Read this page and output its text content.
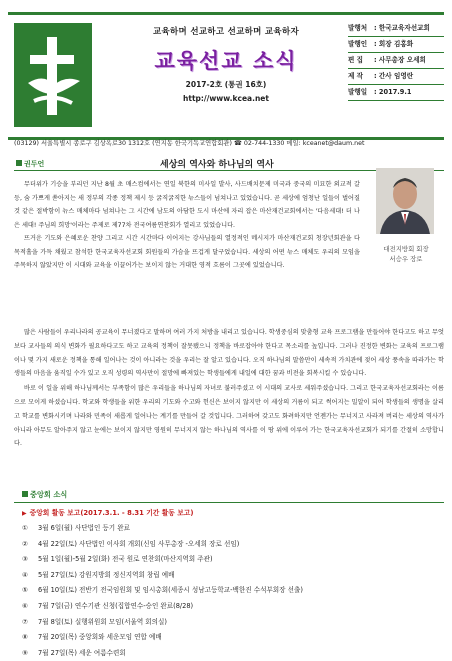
교육하며 선교하고 선교하며 교육하자
교육선교 소식
2017-2호 (통권 16호)
http://www.kcea.net
발행처 : 한국교육자선교회
발행인 : 회장 김홍화
편 집 : 사무총장 오세희
제 작 : 간사 임영란
발행일 : 2017.9.1
(03129) 서울특별시 종로구 김상옥로30 1312호 (연지동 한국기독교연합회관) ☎ 02-744-1330 메일: kceanet@daum.net
권두언	세상의 역사와 하나님의 역사

무더위가 기승을 부리던 지난 8월 초 매스컴에서는 연일 북한의 미사일 발사, 사드배치문제 미국과 중국의 미묘한 외교적 갈등, 숨 가쁘게 쏟아지는 새 정부의 각종 정책 제시 등 굵직굵직한 뉴스들이 넘쳐나고 있었습니다. 곧 세상에 엄청난 일들이 벌어질 것 같은 절박함이 뉴스 매체마다 넘쳐나는 그 시간에 남도의 아담한 도시 마산에 자리 잡은 마산재건교회에서는 '다음세대! 더 나은 세대! 주님의 희망'이라는 주제로 제77차 전국여름연찬회가 열리고 있었습니다.

뜨거운 기도와 은혜로운 찬양 그리고 시간 시간마다 이어지는 강사님들의 열정적인 메시지가 마산재건교회 청장년회관을 다목적홀을 가득 채웠고 참석한 한국교육자선교회 회원들의 가슴을 뜨겁게 달구었습니다. 세상의 어떤 뉴스 매체도 우리의 모임을 주목하지 않았지만 이 시대와 교육을 이끌어가는 보이지 않는 거대한 영적 흐름이 그곳에 있었습니다.

대전지방회 회장
서승우 장로

많은 사람들이 우리나라의 공교육이 무너졌다고 말하며 여러 가지 처방을 내리고 있습니다. 학생중심의 맞춤형 교육 프로그램을 만들어야 한다고도 하고 무엇보다 교사들의 의식 변화가 필요하다고도 하고 교육의 정책이 잘못됐으니 정책을 바로잡아야 한다고 목소리를 높입니다. 그러나 진정한 변화는 교육의 프로그램이나 몇 가지 새로운 정책을 통해 일어나는 것이 아니라는 것을 우리는 잘 알고 있습니다. 오직 하나님의 말씀만이 세속적 가치관에 젖어 세상 풍속을 따라가는 학생들의 마음을 움직일 수가 있고 오직 성령의 역사만이 절망에 빠져있는 학생들에게 내일에 대한 꿈과 비전을 회복시킬 수 있습니다.

바로 이 일을 위해 하나님께서는 부족함이 많은 우리들을 하나님의 자녀로 불러주셨고 이 시대의 교사로 세워주셨습니다. 그리고 한국교육자선교회라는 이름으로 모이게 하셨습니다. 학교와 학생들을 위한 우리의 기도와 수고와 헌신은 보이지 않지만 이 세상의 거름이 되고 썩어지는 밀알이 되어 학생들의 생명을 살리고 학교를 변화시키며 나라와 민족이 새롭게 일어나는 계기를 만들어 갈 것입니다. 그러하여 갖고도 화려하지만 언젠가는 무너지고 사라져 버리는 세상의 역사가 아니라 아무도 알아주지 않고 눈에는 보이지 않지만 영원히 무너지지 않는 하나님의 역사를 이 땅 위에 이루어 가는 한국교육자선교회가 되기를 간절히 소망합니다.

중앙회 소식
▶ 중앙회 활동 보고(2017.3.1. - 8.31 기간 활동 보고)
① 3월 6일(월) 사단법인 등기 완료
② 4월 22일(토) 사단법인 이사회 개회(신임 사무총장 -오세희 장로 선임)
③ 5월 1일(월)-5월 2일(화) 전국 원로 연찬회(마산지역회 주관)
④ 5월 27일(토) 강원지방회 정신지역회 창립 예배
⑤ 6월 10일(토) 전반기 전국임원회 및 임시총회(세종시 성남고등학교-백한진 수석부회장 선출)
⑥ 7월 7일(금) 연수기관 신청(집합연수-승인 완료(8/28)
⑦ 7월 8일(토) 실행위원회 모임(서울역 회의실)
⑧ 7월 20일(목) 중앙회와 세운모임 연합 예배
⑨ 7월 27일(목) 세운 여름수련회
